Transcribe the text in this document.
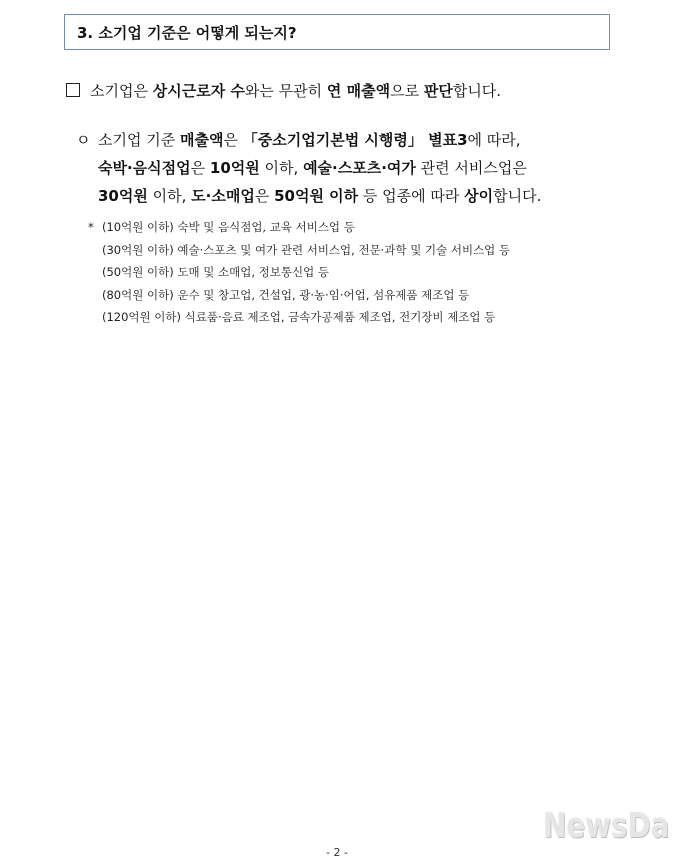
3. 소기업 기준은 어떻게 되는지?
소기업은 상시근로자 수와는 무관히 연 매출액으로 판단합니다.
ㅇ 소기업 기준 매출액은 「중소기업기본법 시행령」 별표3에 따라,
숙박·음식점업은 10억원 이하, 예술·스포츠·여가 관련 서비스업은
30억원 이하, 도·소매업은 50억원 이하 등 업종에 따라 상이합니다.
* (10억원 이하) 숙박 및 음식점업, 교육 서비스업 등
(30억원 이하) 예술·스포츠 및 여가 관련 서비스업, 전문·과학 및 기술 서비스업 등
(50억원 이하) 도매 및 소매업, 정보통신업 등
(80억원 이하) 운수 및 창고업, 건설업, 광·농·임·어업, 섬유제품 제조업 등
(120억원 이하) 식료품·음료 제조업, 금속가공제품 제조업, 전기장비 제조업 등
NewsDa
- 2 -
